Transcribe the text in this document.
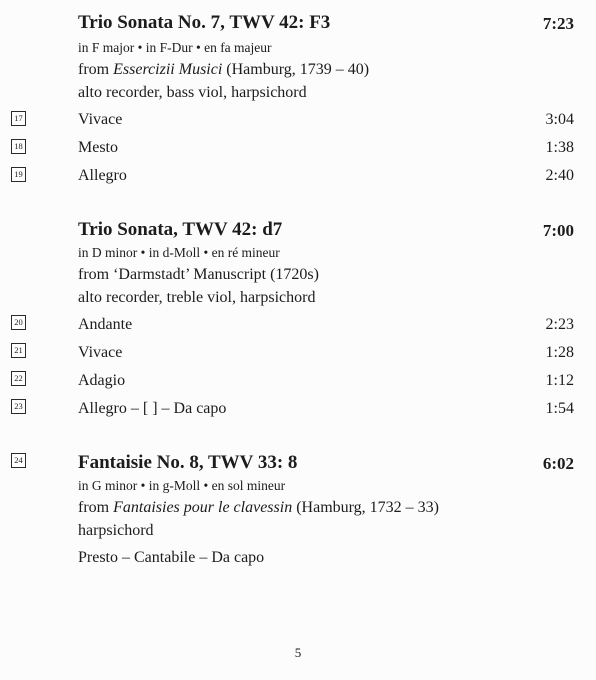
Trio Sonata No. 7, TWV 42: F3	7:23
in F major • in F-Dur • en fa majeur
from Essercizii Musici (Hamburg, 1739 – 40)
alto recorder, bass viol, harpsichord
17	Vivace	3:04
18	Mesto	1:38
19	Allegro	2:40
Trio Sonata, TWV 42: d7	7:00
in D minor • in d-Moll • en ré mineur
from ‘Darmstadt’ Manuscript (1720s)
alto recorder, treble viol, harpsichord
20	Andante	2:23
21	Vivace	1:28
22	Adagio	1:12
23	Allegro – [ ] – Da capo	1:54
24	Fantaisie No. 8, TWV 33: 8	6:02
in G minor • in g-Moll • en sol mineur
from Fantaisies pour le clavessin (Hamburg, 1732 – 33)
harpsichord
Presto – Cantabile – Da capo
5
